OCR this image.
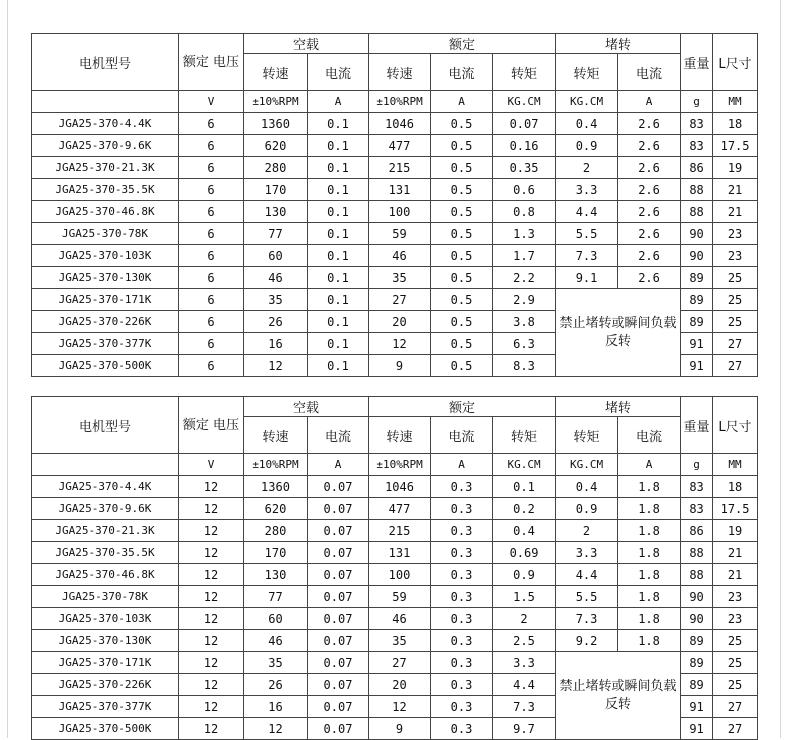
电机型号	额定 电压	空载		额定			堵转		重量	L尺寸
		转速	电流	转速	电流	转矩	转矩	电流		
	V	±10%RPM	A	±10%RPM	A	KG.CM	KG.CM	A	g	MM
JGA25-370-4.4K	6	1360	0.1	1046	0.5	0.07	0.4	2.6	83	18
JGA25-370-9.6K	6	620	0.1	477	0.5	0.16	0.9	2.6	83	17.5
JGA25-370-21.3K	6	280	0.1	215	0.5	0.35	2	2.6	86	19
JGA25-370-35.5K	6	170	0.1	131	0.5	0.6	3.3	2.6	88	21
JGA25-370-46.8K	6	130	0.1	100	0.5	0.8	4.4	2.6	88	21
JGA25-370-78K	6	77	0.1	59	0.5	1.3	5.5	2.6	90	23
JGA25-370-103K	6	60	0.1	46	0.5	1.7	7.3	2.6	90	23
JGA25-370-130K	6	46	0.1	35	0.5	2.2	9.1	2.6	89	25
JGA25-370-171K	6	35	0.1	27	0.5	2.9	禁止堵转或瞬间负载反转		89	25
JGA25-370-226K	6	26	0.1	20	0.5	3.8			89	25
JGA25-370-377K	6	16	0.1	12	0.5	6.3			91	27
JGA25-370-500K	6	12	0.1	9	0.5	8.3			91	27
电机型号	额定 电压	空载		额定			堵转		重量	L尺寸
		转速	电流	转速	电流	转矩	转矩	电流		
	V	±10%RPM	A	±10%RPM	A	KG.CM	KG.CM	A	g	MM
JGA25-370-4.4K	12	1360	0.07	1046	0.3	0.1	0.4	1.8	83	18
JGA25-370-9.6K	12	620	0.07	477	0.3	0.2	0.9	1.8	83	17.5
JGA25-370-21.3K	12	280	0.07	215	0.3	0.4	2	1.8	86	19
JGA25-370-35.5K	12	170	0.07	131	0.3	0.69	3.3	1.8	88	21
JGA25-370-46.8K	12	130	0.07	100	0.3	0.9	4.4	1.8	88	21
JGA25-370-78K	12	77	0.07	59	0.3	1.5	5.5	1.8	90	23
JGA25-370-103K	12	60	0.07	46	0.3	2	7.3	1.8	90	23
JGA25-370-130K	12	46	0.07	35	0.3	2.5	9.2	1.8	89	25
JGA25-370-171K	12	35	0.07	27	0.3	3.3	禁止堵转或瞬间负载反转		89	25
JGA25-370-226K	12	26	0.07	20	0.3	4.4			89	25
JGA25-370-377K	12	16	0.07	12	0.3	7.3			91	27
JGA25-370-500K	12	12	0.07	9	0.3	9.7			91	27
